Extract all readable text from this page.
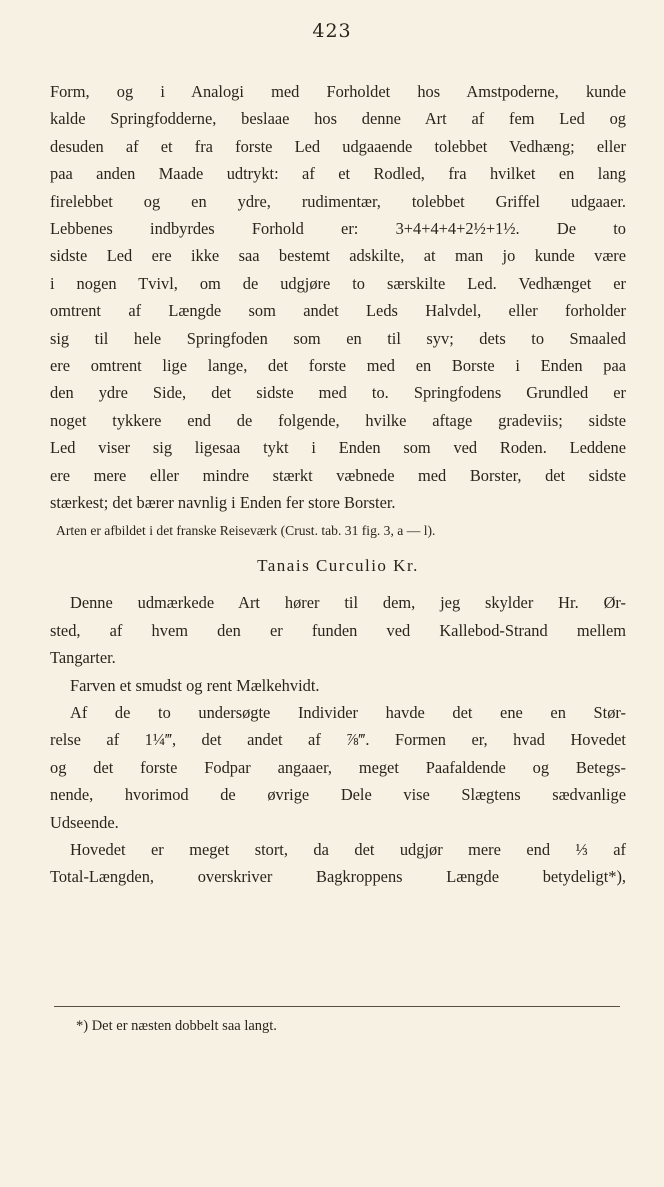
423
Form, og i Analogi med Forholdet hos Amstpoderne, kunde
kalde Springfodderne, beslaae hos denne Art af fem Led og
desuden af et fra forste Led udgaaende tolebbet Vedhæng; eller
paa anden Maade udtrykt: af et Rodled, fra hvilket en lang
firelebbet og en ydre, rudimentær, tolebbet Griffel udgaaer.
Lebbenes indbyrdes Forhold er: 3+4+4+4+2½+1½. De to
sidste Led ere ikke saa bestemt adskilte, at man jo kunde være
i nogen Tvivl, om de udgjøre to særskilte Led. Vedhænget er
omtrent af Længde som andet Leds Halvdel, eller forholder
sig til hele Springfoden som en til syv; dets to Smaaled
ere omtrent lige lange, det forste med en Borste i Enden paa
den ydre Side, det sidste med to. Springfodens Grundled er
noget tykkere end de folgende, hvilke aftage gradeviis; sidste
Led viser sig ligesaa tykt i Enden som ved Roden. Leddene
ere mere eller mindre stærkt væbnede med Borster, det sidste
stærkest; det bærer navnlig i Enden fer store Borster.
Arten er afbildet i det franske Reiseværk (Crust. tab. 31 fig. 3, a — l).
Tanais Curculio Kr.
Denne udmærkede Art hører til dem, jeg skylder Hr. Ør-
sted, af hvem den er funden ved Kallebod-Strand mellem
Tangarter.
Farven et smudst og rent Mælkehvidt.
Af de to undersøgte Individer havde det ene en Stør-
relse af 1¼‴, det andet af ⅞‴. Formen er, hvad Hovedet
og det forste Fodpar angaaer, meget Paafaldende og Betegs-
nende, hvorimod de øvrige Dele vise Slægtens sædvanlige
Udseende.
Hovedet er meget stort, da det udgjør mere end ⅓ af
Total-Længden, overskriver Bagkroppens Længde betydeligt*),
*) Det er næsten dobbelt saa langt.
